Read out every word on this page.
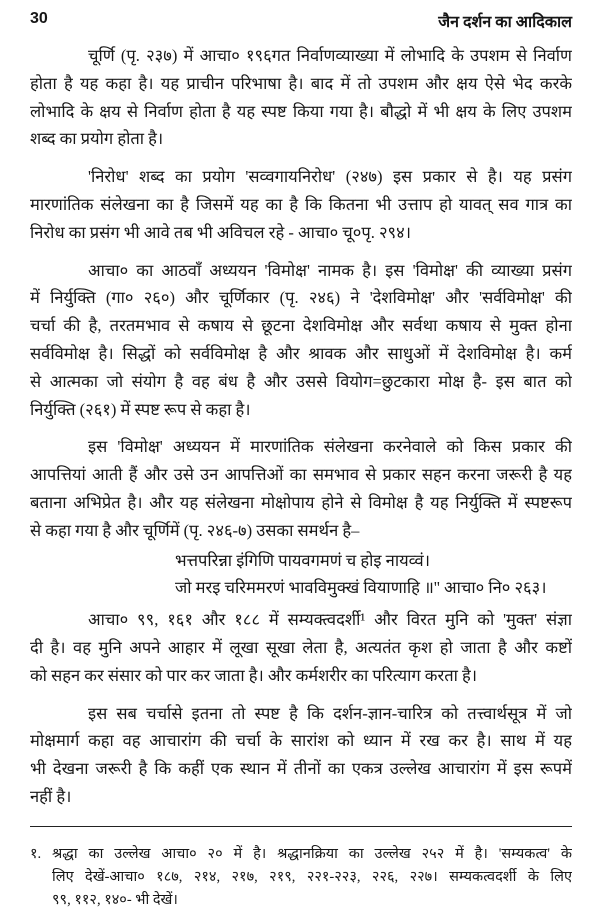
30	जैन दर्शन का आदिकाल
चूर्णि (पृ. २३७) में आचा० १९६गत निर्वाणव्याख्या में लोभादि के उपशम से निर्वाण
होता है यह कहा है। यह प्राचीन परिभाषा है। बाद में तो उपशम और क्षय ऐसे भेद करके
लोभादि के क्षय से निर्वाण होता है यह स्पष्ट किया गया है। बौद्धो में भी क्षय के लिए उपशम
शब्द का प्रयोग होता है।
'निरोध' शब्द का प्रयोग 'सव्वगायनिरोध' (२४७) इस प्रकार से है। यह प्रसंग
मारणांतिक संलेखना का है जिसमें यह का है कि कितना भी उत्ताप हो यावत् सव गात्र का
निरोध का प्रसंग भी आवे तब भी अविचल रहे - आचा० चू०पृ. २९४।
आचा० का आठवाँ अध्ययन 'विमोक्ष' नामक है। इस 'विमोक्ष' की व्याख्या प्रसंग
में निर्युक्ति (गा० २६०) और चूर्णिकार (पृ. २४६) ने 'देशविमोक्ष' और 'सर्वविमोक्ष' की
चर्चा की है, तरतमभाव से कषाय से छूटना देशविमोक्ष और सर्वथा कषाय से मुक्त होना
सर्वविमोक्ष है। सिद्धों को सर्वविमोक्ष है और श्रावक और साधुओं में देशविमोक्ष है। कर्म
से आत्मका जो संयोग है वह बंध है और उससे वियोग=छुटकारा मोक्ष है- इस बात को
निर्युक्ति (२६१) में स्पष्ट रूप से कहा है।
इस 'विमोक्ष' अध्ययन में मारणांतिक संलेखना करनेवाले को किस प्रकार की
आपत्तियां आती हैं और उसे उन आपत्तिओं का समभाव से प्रकार सहन करना जरूरी है यह
बताना अभिप्रेत है। और यह संलेखना मोक्षोपाय होने से विमोक्ष है यह निर्युक्ति में स्पष्टरूप
से कहा गया है और चूर्णिमें (पृ. २४६-७) उसका समर्थन है–
भत्तपरिन्ना इंगिणि पायवगमणं च होइ नायव्वं।
जो मरइ चरिममरणं भावविमुक्खं वियाणाहि ॥'' आचा० नि० २६३।
आचा० ९९, १६१ और १८८ में सम्यक्त्वदर्शी¹ और विरत मुनि को 'मुक्त' संज्ञा
दी है। वह मुनि अपने आहार में लूखा सूखा लेता है, अत्यतंत कृश हो जाता है और कष्टों
को सहन कर संसार को पार कर जाता है। और कर्मशरीर का परित्याग करता है।
इस सब चर्चासे इतना तो स्पष्ट है कि दर्शन-ज्ञान-चारित्र को तत्त्वार्थसूत्र में जो
मोक्षमार्ग कहा वह आचारांग की चर्चा के सारांश को ध्यान में रख कर है। साथ में यह
भी देखना जरूरी है कि कहीं एक स्थान में तीनों का एकत्र उल्लेख आचारांग में इस रूपमें
नहीं है।
१. श्रद्धा का उल्लेख आचा० २० में है। श्रद्धानक्रिया का उल्लेख २५२ में है। 'सम्यकत्व' के
लिए देखें-आचा० १८७, २१४, २१७, २१९, २२१-२२३, २२६, २२७। सम्यकत्वदर्शी के लिए
९९, ११२, १४०- भी देखें।
